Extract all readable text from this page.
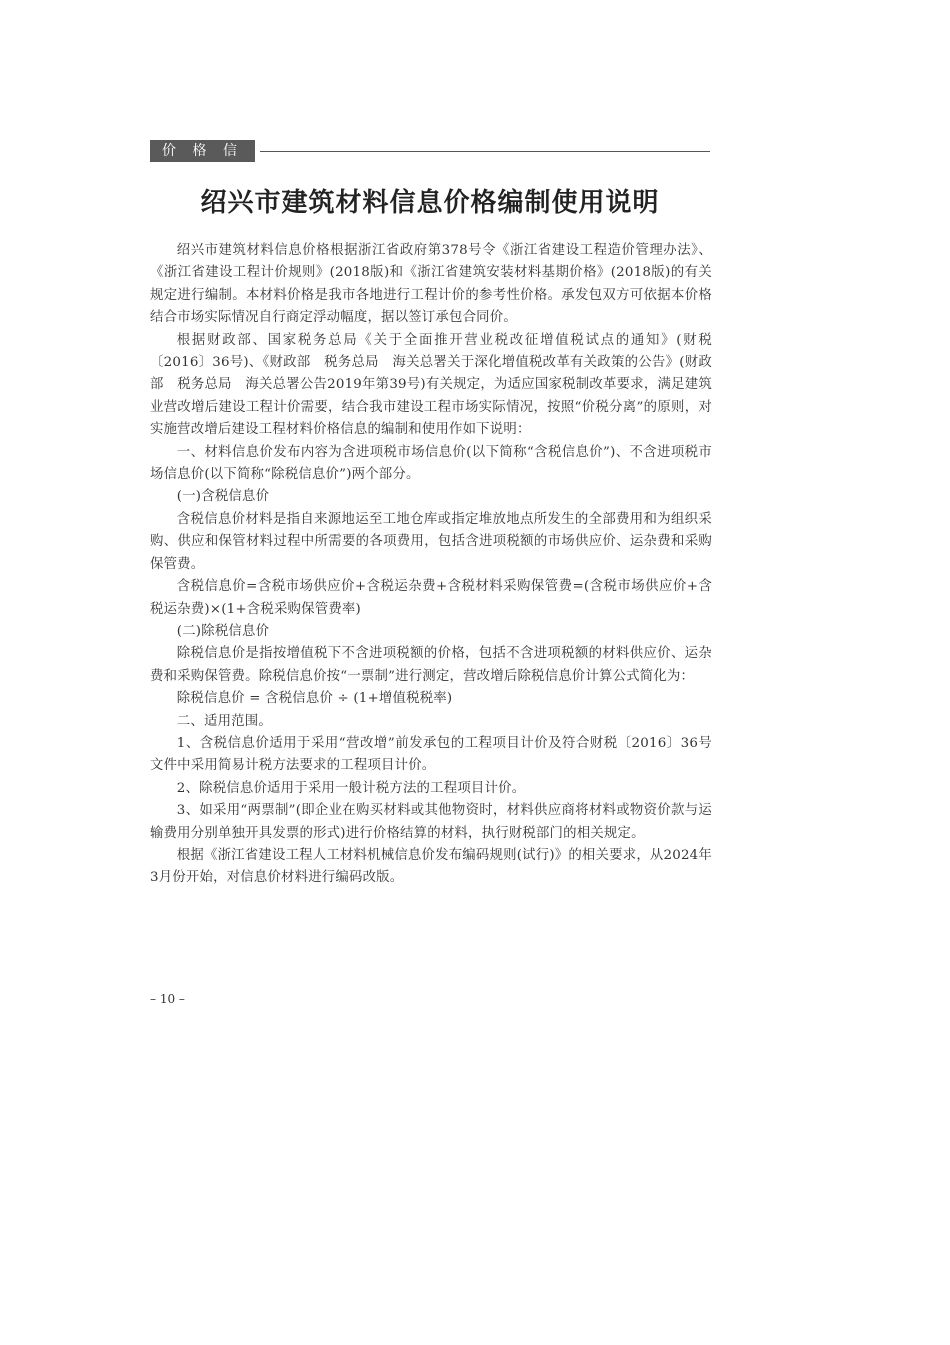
价 格 信 息
绍兴市建筑材料信息价格编制使用说明

绍兴市建筑材料信息价格根据浙江省政府第378号令《浙江省建设工程造价管理办法》、《浙江省建设工程计价规则》(2018版)和《浙江省建筑安装材料基期价格》(2018版)的有关规定进行编制。本材料价格是我市各地进行工程计价的参考性价格。承发包双方可依据本价格结合市场实际情况自行商定浮动幅度，据以签订承包合同价。

根据财政部、国家税务总局《关于全面推开营业税改征增值税试点的通知》(财税〔2016〕36号)、《财政部　税务总局　海关总署关于深化增值税改革有关政策的公告》(财政部　税务总局　海关总署公告2019年第39号)有关规定，为适应国家税制改革要求，满足建筑业营改增后建设工程计价需要，结合我市建设工程市场实际情况，按照“价税分离”的原则，对实施营改增后建设工程材料价格信息的编制和使用作如下说明：

一、材料信息价发布内容为含进项税市场信息价(以下简称“含税信息价”)、不含进项税市场信息价(以下简称“除税信息价”)两个部分。

(一)含税信息价

含税信息价材料是指自来源地运至工地仓库或指定堆放地点所发生的全部费用和为组织采购、供应和保管材料过程中所需要的各项费用，包括含进项税额的市场供应价、运杂费和采购保管费。

含税信息价=含税市场供应价+含税运杂费+含税材料采购保管费=(含税市场供应价+含税运杂费)×(1+含税采购保管费率)

(二)除税信息价

除税信息价是指按增值税下不含进项税额的价格，包括不含进项税额的材料供应价、运杂费和采购保管费。除税信息价按“一票制”进行测定，营改增后除税信息价计算公式简化为：

除税信息价 = 含税信息价 ÷ (1+增值税税率)

二、适用范围。

1、含税信息价适用于采用“营改增”前发承包的工程项目计价及符合财税〔2016〕36号文件中采用简易计税方法要求的工程项目计价。

2、除税信息价适用于采用一般计税方法的工程项目计价。

3、如采用“两票制”(即企业在购买材料或其他物资时，材料供应商将材料或物资价款与运输费用分别单独开具发票的形式)进行价格结算的材料，执行财税部门的相关规定。

根据《浙江省建设工程人工材料机械信息价发布编码规则(试行)》的相关要求，从2024年3月份开始，对信息价材料进行编码改版。

– 10 –
